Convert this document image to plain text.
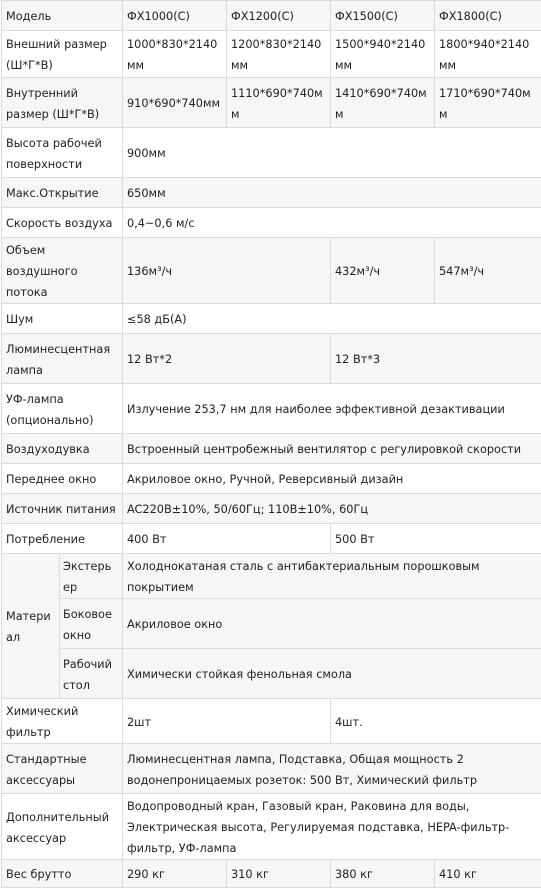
Модель		ФХ1000(С)	ФХ1200(С)	ФХ1500(С)	ФХ1800(С)
Внешний размер (Ш*Г*В)		1000*830*2140мм	1200*830*2140мм	1500*940*2140мм	1800*940*2140мм
Внутренний размер (Ш*Г*В)		910*690*740мм	1110*690*740мм	1410*690*740мм	1710*690*740мм
Высота рабочей поверхности		900мм			
Макс.Открытие		650мм			
Скорость воздуха		0,4~0,6 м/с			
Объем воздушного потока		136м³/ч		432м³/ч	547м³/ч
Шум		≤58 дБ(A)			
Люминесцентная лампа		12 Вт*2		12 Вт*3	
УФ-лампа (опционально)		Излучение 253,7 нм для наиболее эффективной дезактивации			
Воздуходувка		Встроенный центробежный вентилятор с регулировкой скорости			
Переднее окно		Акриловое окно, Ручной, Реверсивный дизайн			
Источник питания		AC220В±10%, 50/60Гц; 110В±10%, 60Гц			
Потребление		400 Вт		500 Вт	
Материал	Экстерьер	Холоднокатаная сталь с антибактериальным порошковым покрытием			
	Боковое окно	Акриловое окно			
	Рабочий стол	Химически стойкая фенольная смола			
Химический фильтр		2шт		4шт.	
Стандартные аксессуары		Люминесцентная лампа, Подставка, Общая мощность 2 водонепроницаемых розеток: 500 Вт, Химический фильтр			
Дополнительный аксессуар		Водопроводный кран, Газовый кран, Раковина для воды, Электрическая высота, Регулируемая подставка, HEPA-фильтр-фильтр, УФ-лампа			
Вес брутто		290 кг	310 кг	380 кг	410 кг
